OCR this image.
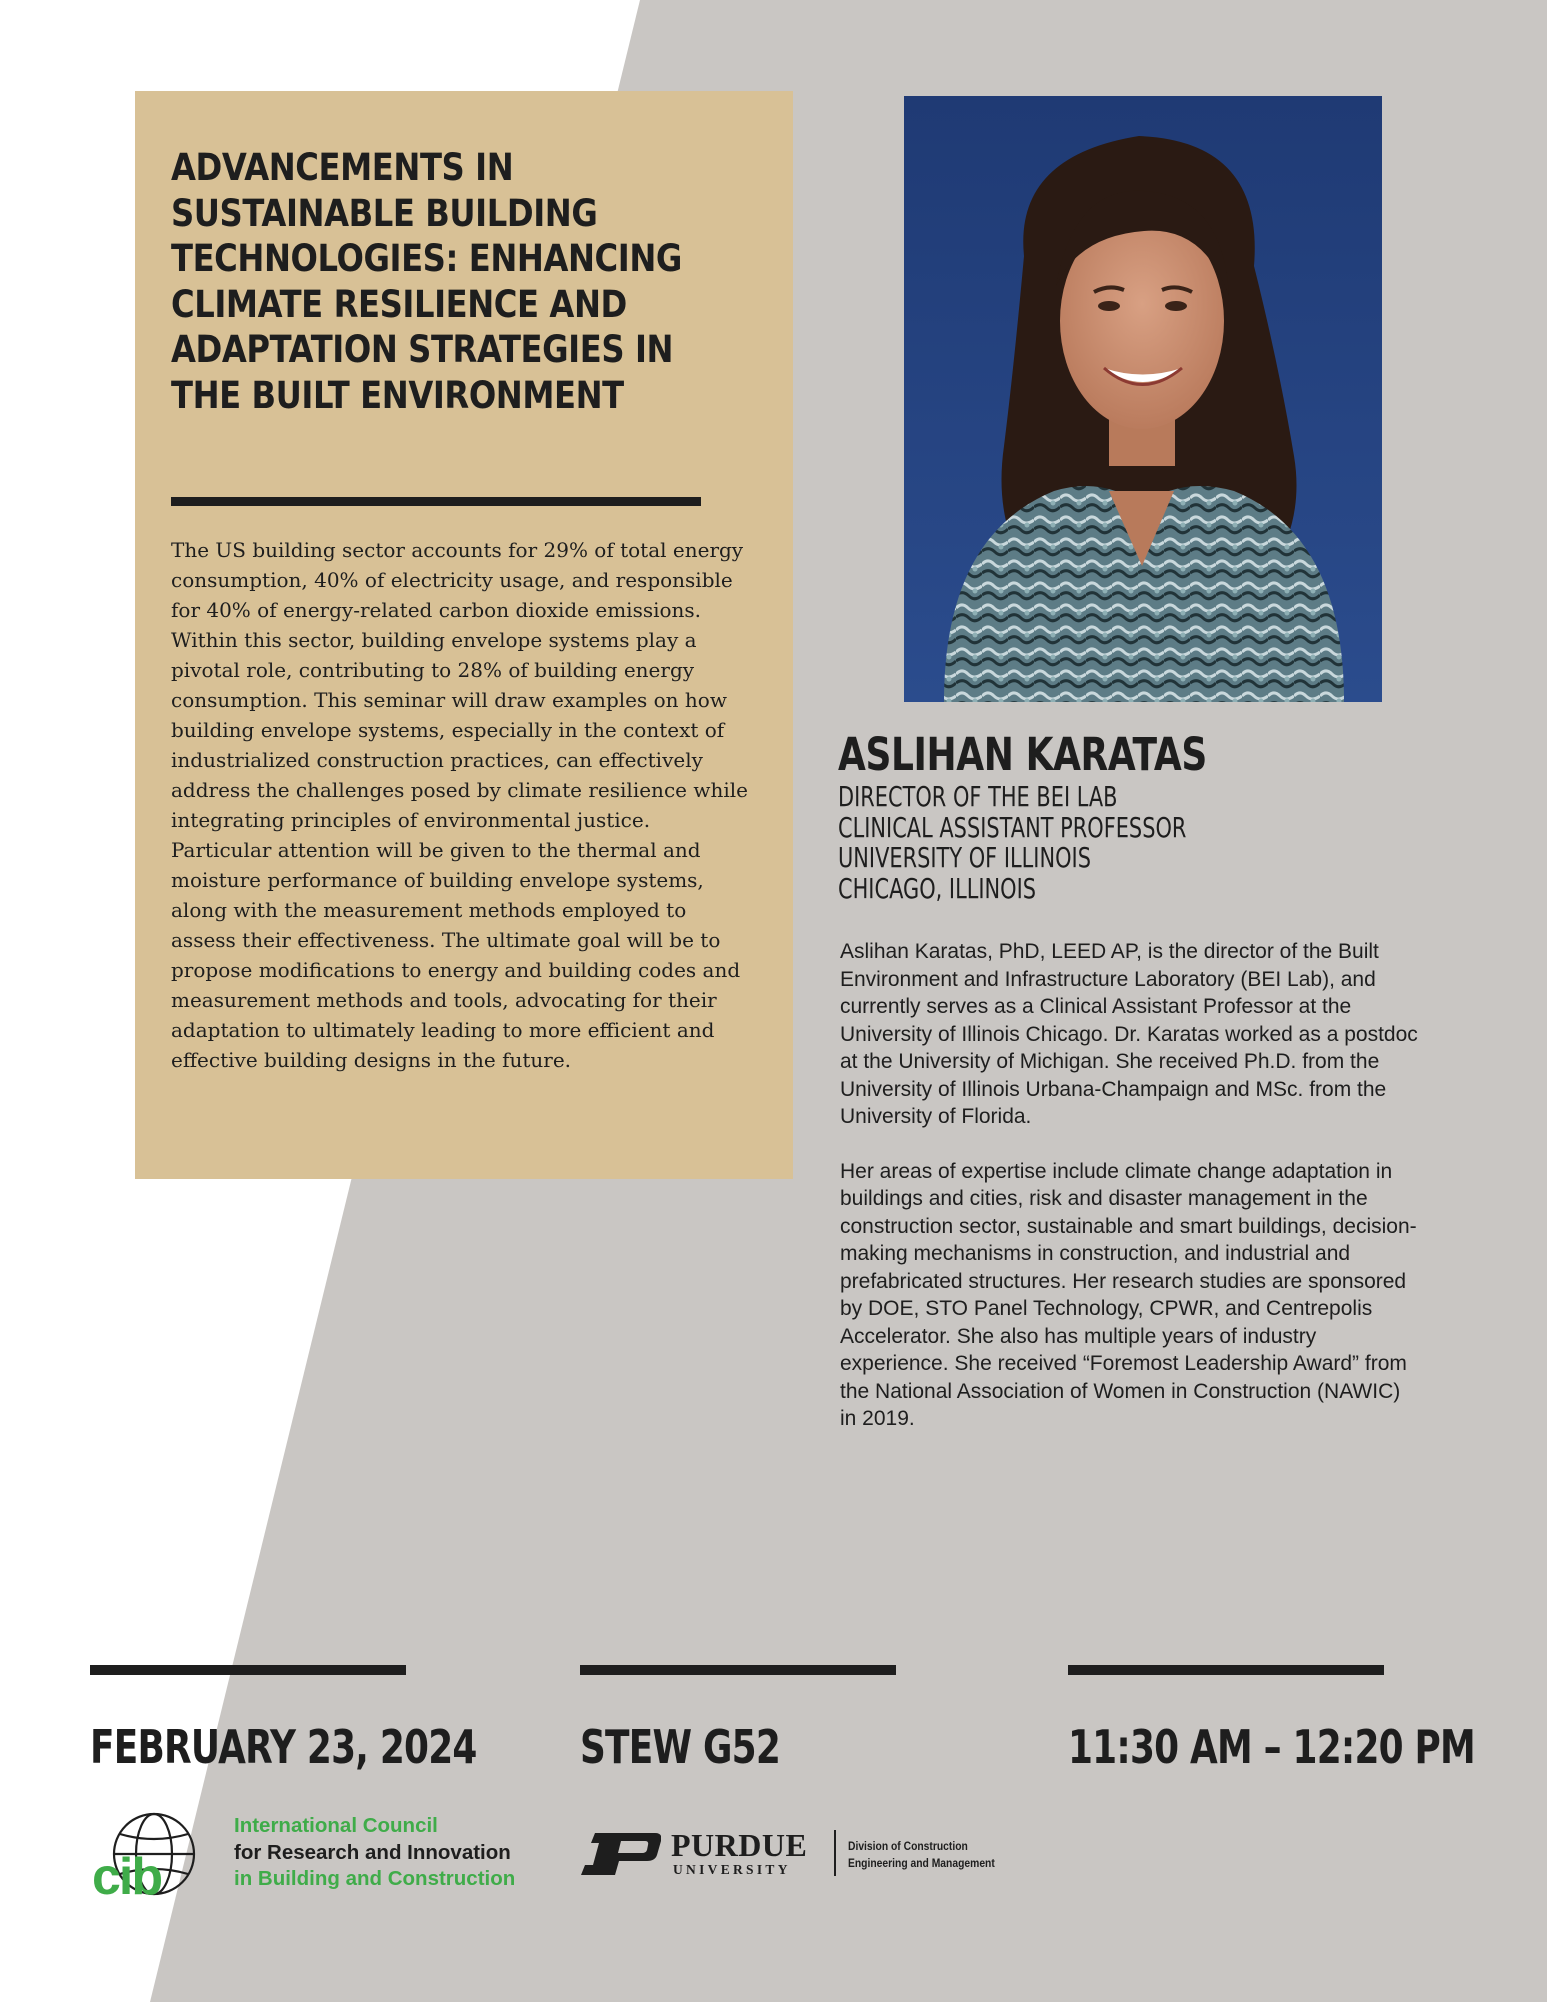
ADVANCEMENTS IN
SUSTAINABLE BUILDING
TECHNOLOGIES: ENHANCING
CLIMATE RESILIENCE AND
ADAPTATION STRATEGIES IN
THE BUILT ENVIRONMENT

The US building sector accounts for 29% of total energy consumption, 40% of electricity usage, and responsible for 40% of energy-related carbon dioxide emissions. Within this sector, building envelope systems play a pivotal role, contributing to 28% of building energy consumption. This seminar will draw examples on how building envelope systems, especially in the context of industrialized construction practices, can effectively address the challenges posed by climate resilience while integrating principles of environmental justice. Particular attention will be given to the thermal and moisture performance of building envelope systems, along with the measurement methods employed to assess their effectiveness. The ultimate goal will be to propose modifications to energy and building codes and measurement methods and tools, advocating for their adaptation to ultimately leading to more efficient and effective building designs in the future.

ASLIHAN KARATAS
DIRECTOR OF THE BEI LAB
CLINICAL ASSISTANT PROFESSOR
UNIVERSITY OF ILLINOIS
CHICAGO, ILLINOIS

Aslihan Karatas, PhD, LEED AP, is the director of the Built Environment and Infrastructure Laboratory (BEI Lab), and currently serves as a Clinical Assistant Professor at the University of Illinois Chicago. Dr. Karatas worked as a postdoc at the University of Michigan. She received Ph.D. from the University of Illinois Urbana-Champaign and MSc. from the University of Florida.

Her areas of expertise include climate change adaptation in buildings and cities, risk and disaster management in the construction sector, sustainable and smart buildings, decision-making mechanisms in construction, and industrial and prefabricated structures. Her research studies are sponsored by DOE, STO Panel Technology, CPWR, and Centrepolis Accelerator. She also has multiple years of industry experience. She received “Foremost Leadership Award” from the National Association of Women in Construction (NAWIC) in 2019.

FEBRUARY 23, 2024 STEW G52	11:30 AM – 12:20 PM
cib
International Council
for Research and Innovation
in Building and Construction
PURDUE
UNIVERSITY
Division of Construction
Engineering and Management
